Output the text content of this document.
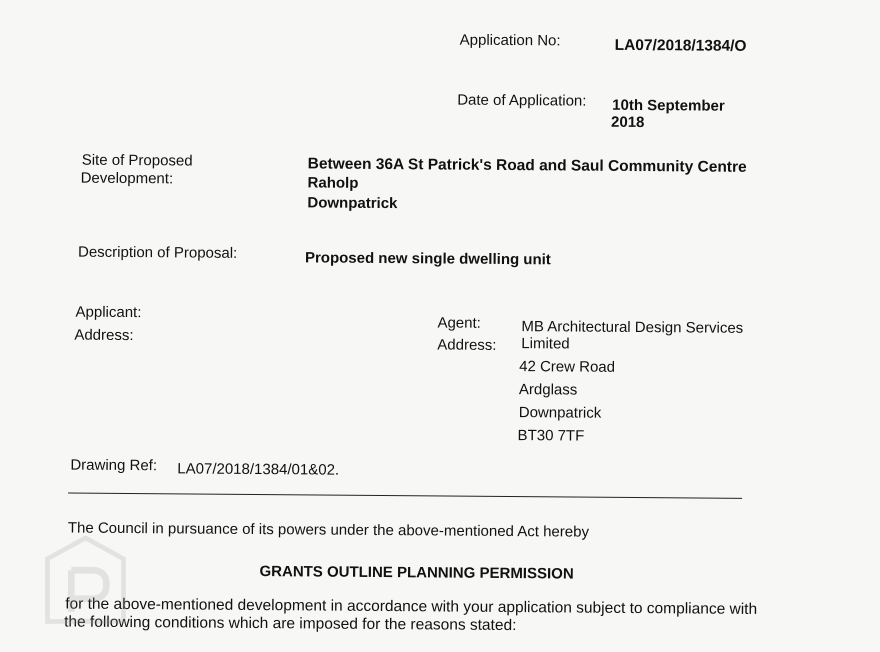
Application No:	LA07/2018/1384/O
Date of Application: 10th September
2018
Site of Proposed
Development:
Between 36A St Patrick's Road and Saul Community Centre
Raholp
Downpatrick
Description of Proposal:	Proposed new single dwelling unit
Applicant:
Address:
Agent:
Address:
MB Architectural Design Services
Limited
42 Crew Road
Ardglass
Downpatrick
BT30 7TF
Drawing Ref: LA07/2018/1384/01&02.
The Council in pursuance of its powers under the above-mentioned Act hereby
GRANTS OUTLINE PLANNING PERMISSION
for the above-mentioned development in accordance with your application subject to compliance with
the following conditions which are imposed for the reasons stated:
